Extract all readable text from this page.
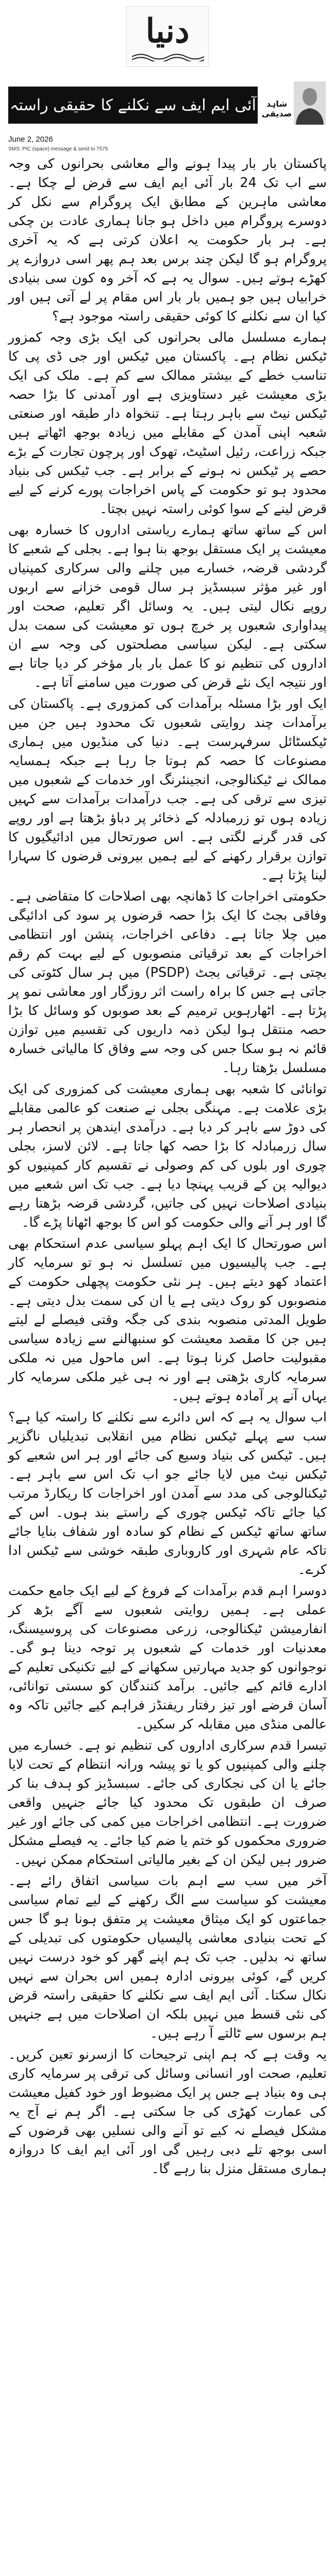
دنیا
آئی ایم ایف سے نکلنے کا حقیقی راستہ	شاہد صدیقی
June 2, 2026
SMS: PIC (space) message & send to 7575

پاکستان بار بار پیدا ہونے والے معاشی بحرانوں کی وجہ سے اب تک 24 بار آئی ایم ایف سے قرض لے چکا ہے۔ معاشی ماہرین کے مطابق ایک پروگرام سے نکل کر دوسرے پروگرام میں داخل ہو جانا ہماری عادت بن چکی ہے۔ ہر بار حکومت یہ اعلان کرتی ہے کہ یہ آخری پروگرام ہو گا لیکن چند برس بعد ہم پھر اسی دروازے پر کھڑے ہوتے ہیں۔ سوال یہ ہے کہ آخر وہ کون سی بنیادی خرابیاں ہیں جو ہمیں بار بار اس مقام پر لے آتی ہیں اور کیا ان سے نکلنے کا کوئی حقیقی راستہ موجود ہے؟

ہمارے مسلسل مالی بحرانوں کی ایک بڑی وجہ کمزور ٹیکس نظام ہے۔ پاکستان میں ٹیکس اور جی ڈی پی کا تناسب خطے کے بیشتر ممالک سے کم ہے۔ ملک کی ایک بڑی معیشت غیر دستاویزی ہے اور آمدنی کا بڑا حصہ ٹیکس نیٹ سے باہر رہتا ہے۔ تنخواہ دار طبقہ اور صنعتی شعبہ اپنی آمدن کے مقابلے میں زیادہ بوجھ اٹھاتے ہیں جبکہ زراعت، رئیل اسٹیٹ، تھوک اور پرچون تجارت کے بڑے حصے پر ٹیکس نہ ہونے کے برابر ہے۔ جب ٹیکس کی بنیاد محدود ہو تو حکومت کے پاس اخراجات پورے کرنے کے لیے قرض لینے کے سوا کوئی راستہ نہیں بچتا۔

اس کے ساتھ ساتھ ہمارے ریاستی اداروں کا خسارہ بھی معیشت پر ایک مستقل بوجھ بنا ہوا ہے۔ بجلی کے شعبے کا گردشی قرضہ، خسارے میں چلنے والی سرکاری کمپنیاں اور غیر مؤثر سبسڈیز ہر سال قومی خزانے سے اربوں روپے نکال لیتی ہیں۔ یہ وسائل اگر تعلیم، صحت اور پیداواری شعبوں پر خرچ ہوں تو معیشت کی سمت بدل سکتی ہے۔ لیکن سیاسی مصلحتوں کی وجہ سے ان اداروں کی تنظیم نو کا عمل بار بار مؤخر کر دیا جاتا ہے اور نتیجہ ایک نئے قرض کی صورت میں سامنے آتا ہے۔

ایک اور بڑا مسئلہ برآمدات کی کمزوری ہے۔ پاکستان کی برآمدات چند روایتی شعبوں تک محدود ہیں جن میں ٹیکسٹائل سرفہرست ہے۔ دنیا کی منڈیوں میں ہماری مصنوعات کا حصہ کم ہوتا جا رہا ہے جبکہ ہمسایہ ممالک نے ٹیکنالوجی، انجینئرنگ اور خدمات کے شعبوں میں تیزی سے ترقی کی ہے۔ جب درآمدات برآمدات سے کہیں زیادہ ہوں تو زرمبادلہ کے ذخائر پر دباؤ بڑھتا ہے اور روپے کی قدر گرنے لگتی ہے۔ اس صورتحال میں ادائیگیوں کا توازن برقرار رکھنے کے لیے ہمیں بیرونی قرضوں کا سہارا لینا پڑتا ہے۔

حکومتی اخراجات کا ڈھانچہ بھی اصلاحات کا متقاضی ہے۔ وفاقی بجٹ کا ایک بڑا حصہ قرضوں پر سود کی ادائیگی میں چلا جاتا ہے۔ دفاعی اخراجات، پنشن اور انتظامی اخراجات کے بعد ترقیاتی منصوبوں کے لیے بہت کم رقم بچتی ہے۔ ترقیاتی بجٹ (PSDP) میں ہر سال کٹوتی کی جاتی ہے جس کا براہ راست اثر روزگار اور معاشی نمو پر پڑتا ہے۔ اٹھارہویں ترمیم کے بعد صوبوں کو وسائل کا بڑا حصہ منتقل ہوا لیکن ذمہ داریوں کی تقسیم میں توازن قائم نہ ہو سکا جس کی وجہ سے وفاق کا مالیاتی خسارہ مسلسل بڑھتا رہا۔

توانائی کا شعبہ بھی ہماری معیشت کی کمزوری کی ایک بڑی علامت ہے۔ مہنگی بجلی نے صنعت کو عالمی مقابلے کی دوڑ سے باہر کر دیا ہے۔ درآمدی ایندھن پر انحصار ہر سال زرمبادلہ کا بڑا حصہ کھا جاتا ہے۔ لائن لاسز، بجلی چوری اور بلوں کی کم وصولی نے تقسیم کار کمپنیوں کو دیوالیہ پن کے قریب پہنچا دیا ہے۔ جب تک اس شعبے میں بنیادی اصلاحات نہیں کی جاتیں، گردشی قرضہ بڑھتا رہے گا اور ہر آنے والی حکومت کو اس کا بوجھ اٹھانا پڑے گا۔

اس صورتحال کا ایک اہم پہلو سیاسی عدم استحکام بھی ہے۔ جب پالیسیوں میں تسلسل نہ ہو تو سرمایہ کار اعتماد کھو دیتے ہیں۔ ہر نئی حکومت پچھلی حکومت کے منصوبوں کو روک دیتی ہے یا ان کی سمت بدل دیتی ہے۔ طویل المدتی منصوبہ بندی کی جگہ وقتی فیصلے لے لیتے ہیں جن کا مقصد معیشت کو سنبھالنے سے زیادہ سیاسی مقبولیت حاصل کرنا ہوتا ہے۔ اس ماحول میں نہ ملکی سرمایہ کاری بڑھتی ہے اور نہ ہی غیر ملکی سرمایہ کار یہاں آنے پر آمادہ ہوتے ہیں۔

اب سوال یہ ہے کہ اس دائرے سے نکلنے کا راستہ کیا ہے؟ سب سے پہلے ٹیکس نظام میں انقلابی تبدیلیاں ناگزیر ہیں۔ ٹیکس کی بنیاد وسیع کی جائے اور ہر اس شعبے کو ٹیکس نیٹ میں لایا جائے جو اب تک اس سے باہر ہے۔ ٹیکنالوجی کی مدد سے آمدن اور اخراجات کا ریکارڈ مرتب کیا جائے تاکہ ٹیکس چوری کے راستے بند ہوں۔ اس کے ساتھ ساتھ ٹیکس کے نظام کو سادہ اور شفاف بنایا جائے تاکہ عام شہری اور کاروباری طبقہ خوشی سے ٹیکس ادا کرے۔

دوسرا اہم قدم برآمدات کے فروغ کے لیے ایک جامع حکمت عملی ہے۔ ہمیں روایتی شعبوں سے آگے بڑھ کر انفارمیشن ٹیکنالوجی، زرعی مصنوعات کی پروسیسنگ، معدنیات اور خدمات کے شعبوں پر توجہ دینا ہو گی۔ نوجوانوں کو جدید مہارتیں سکھانے کے لیے تکنیکی تعلیم کے ادارے قائم کیے جائیں۔ برآمد کنندگان کو سستی توانائی، آسان قرضے اور تیز رفتار ریفنڈز فراہم کیے جائیں تاکہ وہ عالمی منڈی میں مقابلہ کر سکیں۔

تیسرا قدم سرکاری اداروں کی تنظیم نو ہے۔ خسارے میں چلنے والی کمپنیوں کو یا تو پیشہ ورانہ انتظام کے تحت لایا جائے یا ان کی نجکاری کی جائے۔ سبسڈیز کو ہدف بنا کر صرف ان طبقوں تک محدود کیا جائے جنہیں واقعی ضرورت ہے۔ انتظامی اخراجات میں کمی کی جائے اور غیر ضروری محکموں کو ختم یا ضم کیا جائے۔ یہ فیصلے مشکل ضرور ہیں لیکن ان کے بغیر مالیاتی استحکام ممکن نہیں۔

آخر میں سب سے اہم بات سیاسی اتفاق رائے ہے۔ معیشت کو سیاست سے الگ رکھنے کے لیے تمام سیاسی جماعتوں کو ایک میثاق معیشت پر متفق ہونا ہو گا جس کے تحت بنیادی معاشی پالیسیاں حکومتوں کی تبدیلی کے ساتھ نہ بدلیں۔ جب تک ہم اپنے گھر کو خود درست نہیں کریں گے، کوئی بیرونی ادارہ ہمیں اس بحران سے نہیں نکال سکتا۔ آئی ایم ایف سے نکلنے کا حقیقی راستہ قرض کی نئی قسط میں نہیں بلکہ ان اصلاحات میں ہے جنہیں ہم برسوں سے ٹالتے آ رہے ہیں۔

یہ وقت ہے کہ ہم اپنی ترجیحات کا ازسرنو تعین کریں۔ تعلیم، صحت اور انسانی وسائل کی ترقی پر سرمایہ کاری ہی وہ بنیاد ہے جس پر ایک مضبوط اور خود کفیل معیشت کی عمارت کھڑی کی جا سکتی ہے۔ اگر ہم نے آج یہ مشکل فیصلے نہ کیے تو آنے والی نسلیں بھی قرضوں کے اسی بوجھ تلے دبی رہیں گی اور آئی ایم ایف کا دروازہ ہماری مستقل منزل بنا رہے گا۔
